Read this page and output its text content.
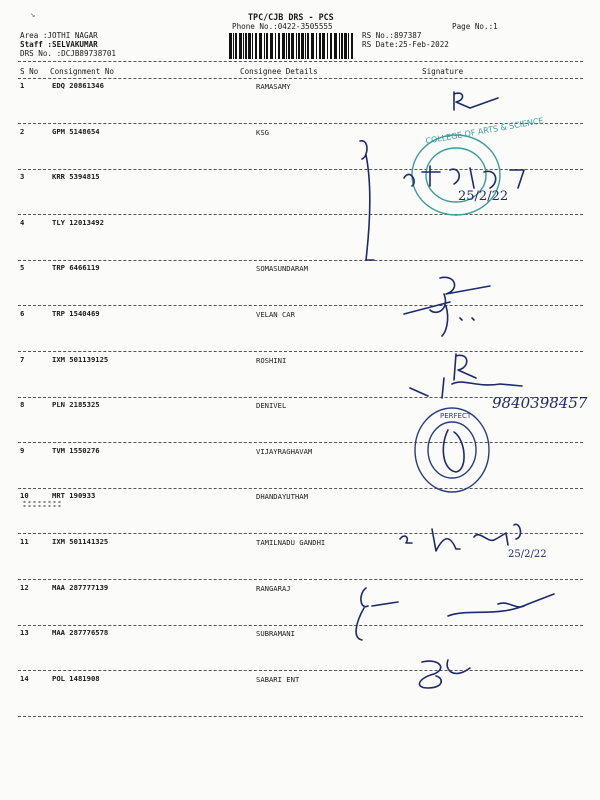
↘︎	TPC/CJB DRS - PCS
Phone No.:0422-3505555	Page No.:1
Area :JOTHI NAGAR
Staff :SELVAKUMAR
DRS No. :DCJB89738701
RS No.:897387
RS Date:25-Feb-2022
S No Consignment No	Consignee Details	Signature
1	EDQ 20861346	RAMASAMY
2	GPM 5148654	KSG
3	KRR 5394815
4	TLY 12013492
5	TRP 6466119	SOMASUNDARAM
6	TRP 1540469	VELAN CAR
7	IXM 501139125	ROSHINI
8	PLN 2185325	DENIVEL
9	TVM 1550276	VIJAYRAGHAVAM
10	MRT 190933	DHANDAYUTHAM
11	IXM 501141325	TAMILNADU GANDHI
12	MAA 287777139	RANGARAJ
13	MAA 287776578	SUBRAMANI
14	POL 1481908	SABARI ENT
COLLEGE OF ARTS & SCIENCE
PERFECT
25/2/22
9840398457
25/2/22
